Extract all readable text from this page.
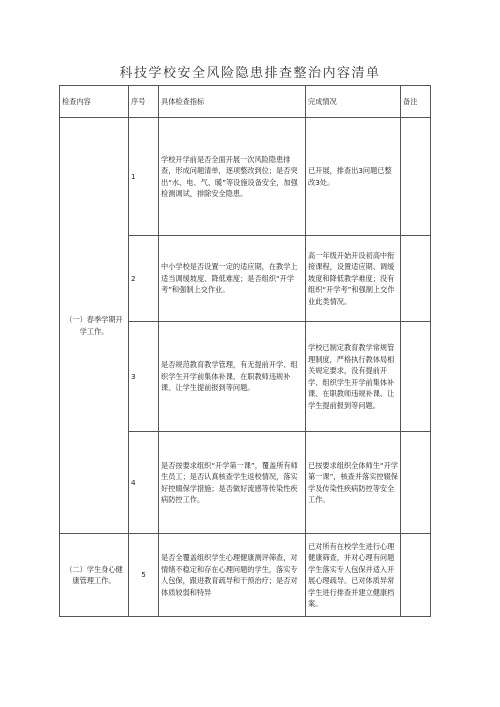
科技学校安全风险隐患排查整治内容清单
检查内容	序号	具体检查指标	完成情况	备注
（一）春季学期开学工作。	1	学校开学前是否全面开展一次风险隐患排查，形成问题清单，逐项整改到位；是否突出“水、电、气、暖”等设施设备安全，加强检测调试，排除安全隐患。	已开展，排查出3问题已整改3处。	
	2	中小学校是否设置一定的适应期，在教学上适当调缓坡度、降低难度；是否组织“开学考”和强制上交作业。	高一年级开始开设初高中衔接课程，设置适应期、调缓坡度和降低教学难度；没有组织“开学考”和强制上交作业此类情况。	
	3	是否规范教育教学管理，有无提前开学、组织学生开学前集体补课、在职教师违规补课、让学生提前报到等问题。	学校已制定教育教学常规管理制度，严格执行教体局相关规定要求，没有提前开学、组织学生开学前集体补课、在职教师违规补课、让学生提前报到等问题。	
	4	是否按要求组织“开学第一课”，覆盖所有师生员工；是否认真核查学生返校情况，落实好控辍保学措施；是否做好流感等传染性疾病防控工作。	已按要求组织全体师生“开学第一课”，核查并落实控辍保学及传染性疾病防控等安全工作。	
（二）学生身心健康管理工作。	5	是否全覆盖组织学生心理健康测评筛查，对情绪不稳定和存在心理问题的学生，落实专人包保，跟进教育疏导和干预治疗；是否对体质较弱和特异	已对所有在校学生进行心理健康筛查，并对心理有问题学生落实专人包保并适入开展心理疏导。已对体质异常学生进行排查并建立健康档案。	
